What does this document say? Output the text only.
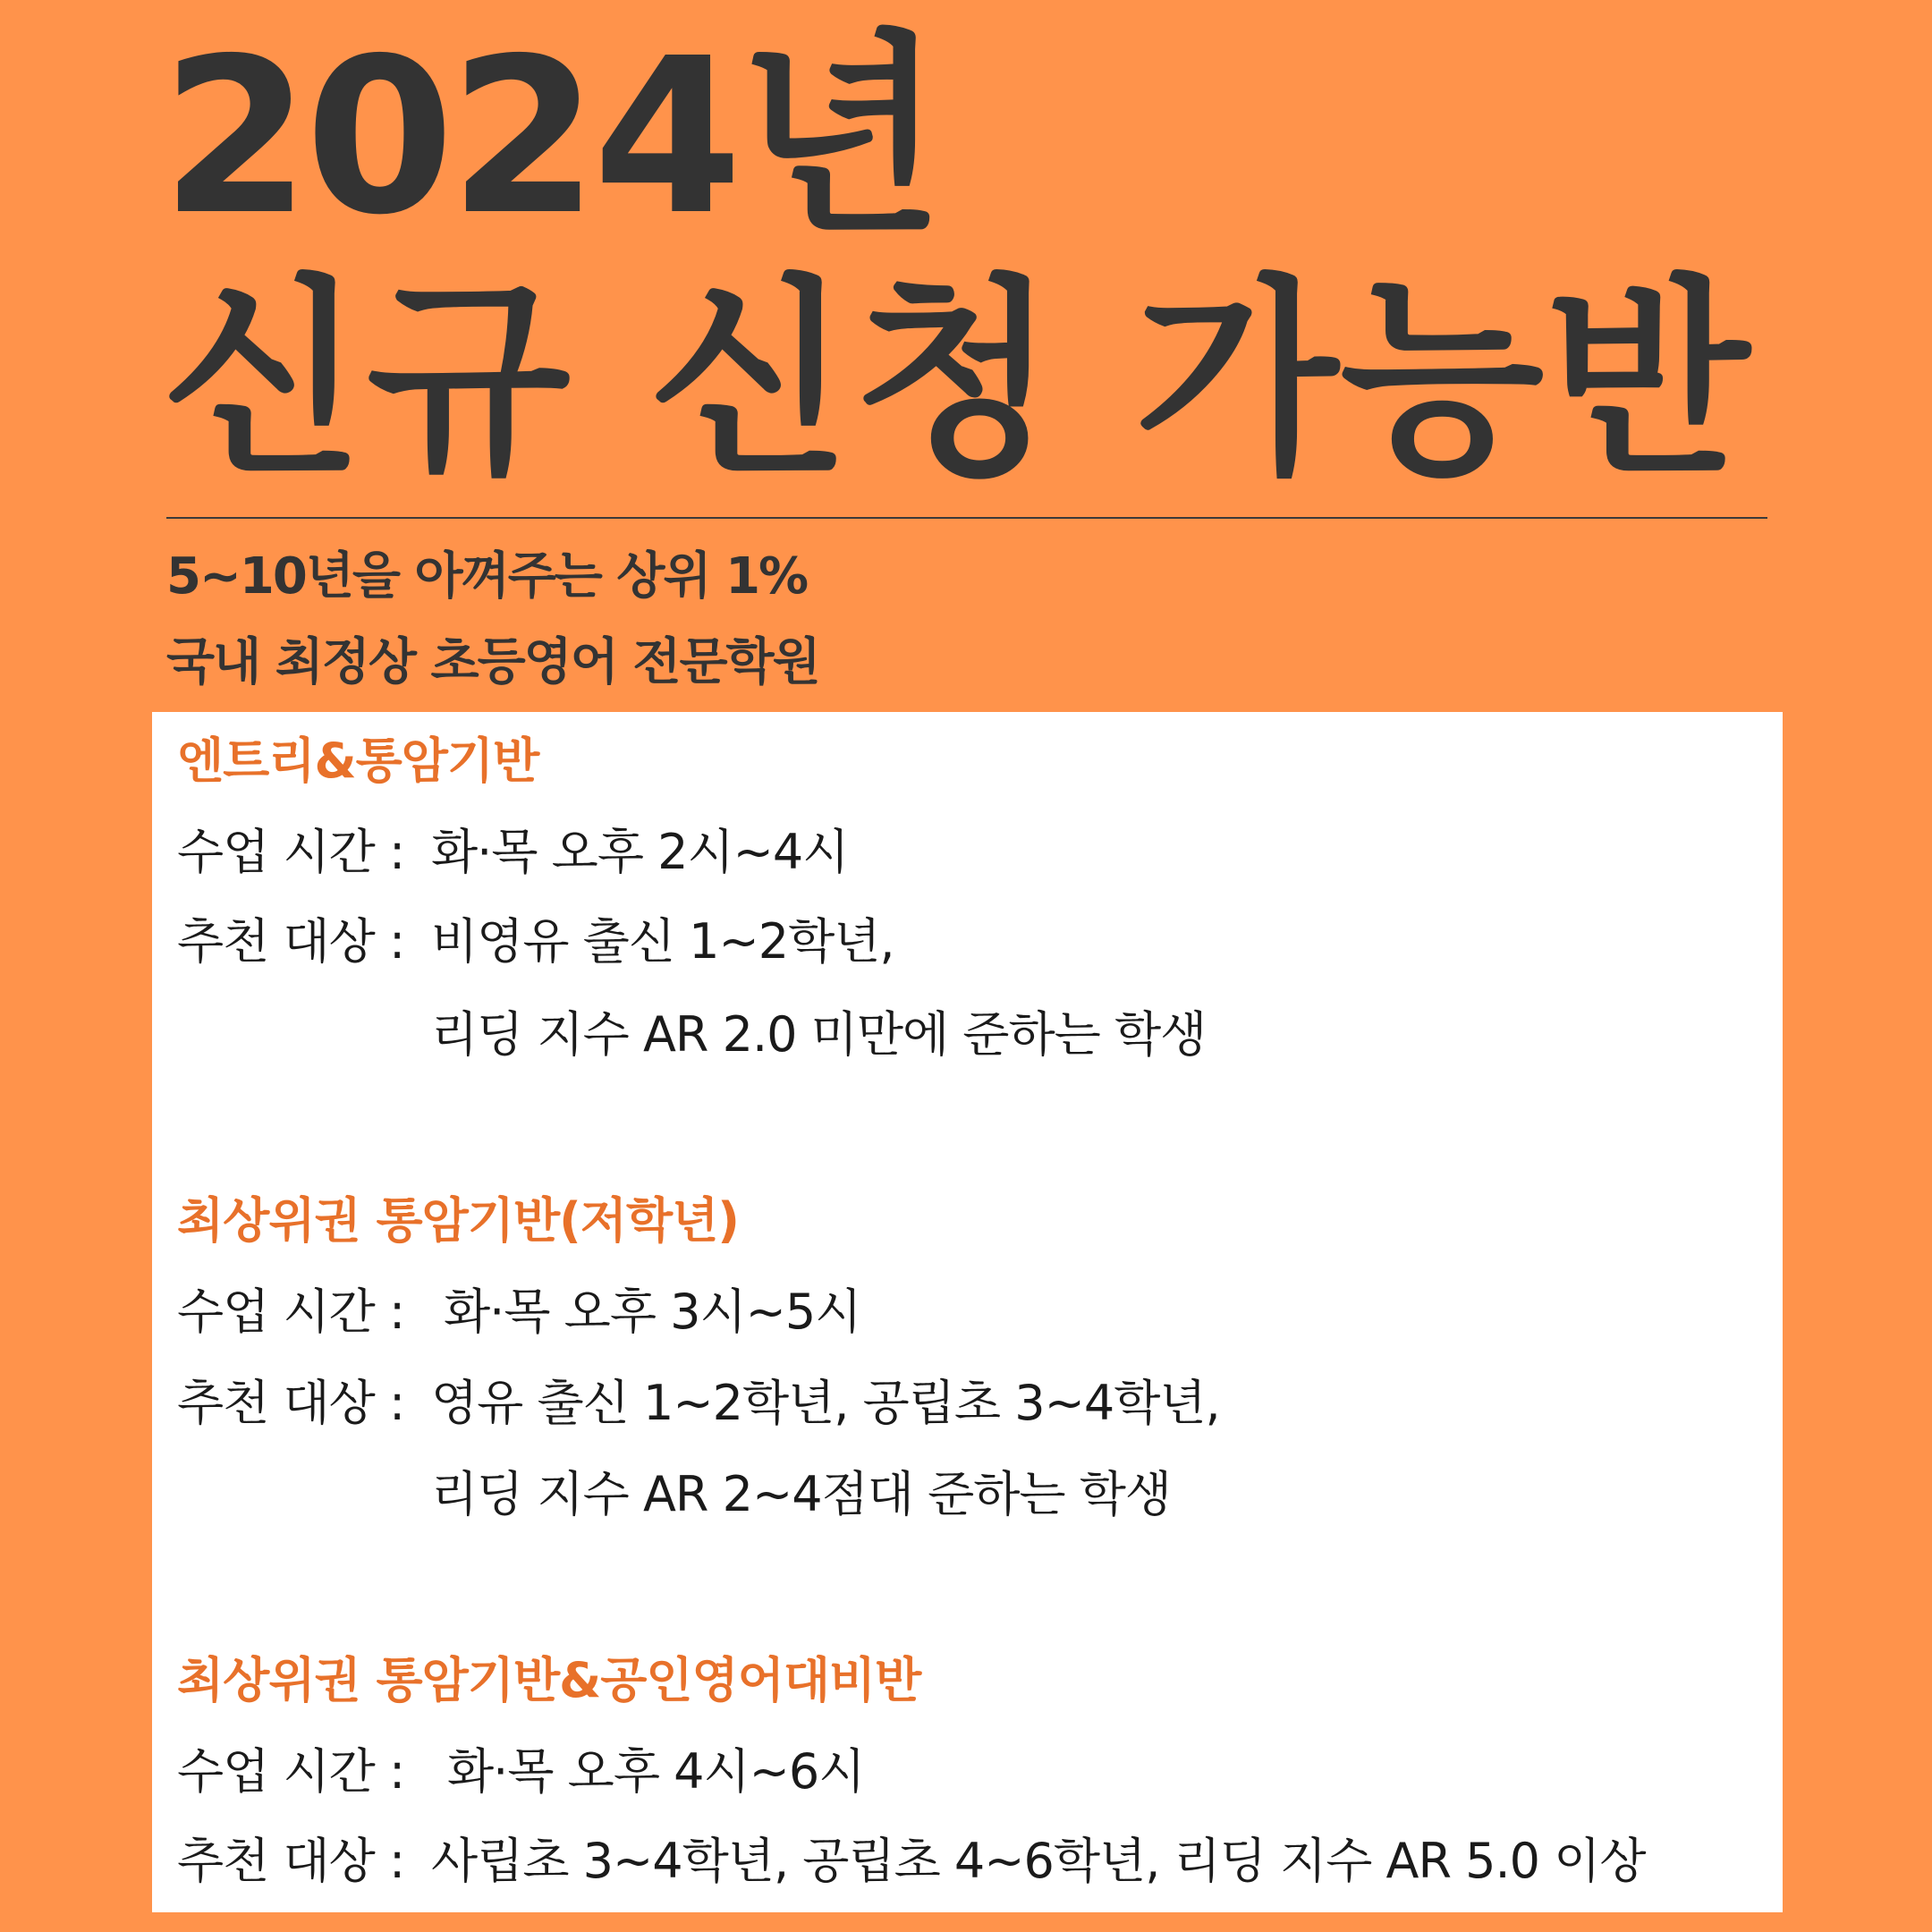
2024년
신규 신청 가능반

5~10년을 아껴주는 상위 1%

국내 최정상 초등영어 전문학원

엔트리&통암기반

수업 시간 : 화·목 오후 2시~4시

추천 대상 : 비영유 출신 1~2학년,

리딩 지수 AR 2.0 미만에 준하는 학생

최상위권 통암기반(저학년)

수업 시간 : 화·목 오후 3시~5시

추천 대상 : 영유 출신 1~2학년, 공립초 3~4학년,

리딩 지수 AR 2~4점대 준하는 학생

최상위권 통암기반&공인영어대비반

수업 시간 : 화·목 오후 4시~6시

추천 대상 : 사립초 3~4학년, 공립초 4~6학년, 리딩 지수 AR 5.0 이상
